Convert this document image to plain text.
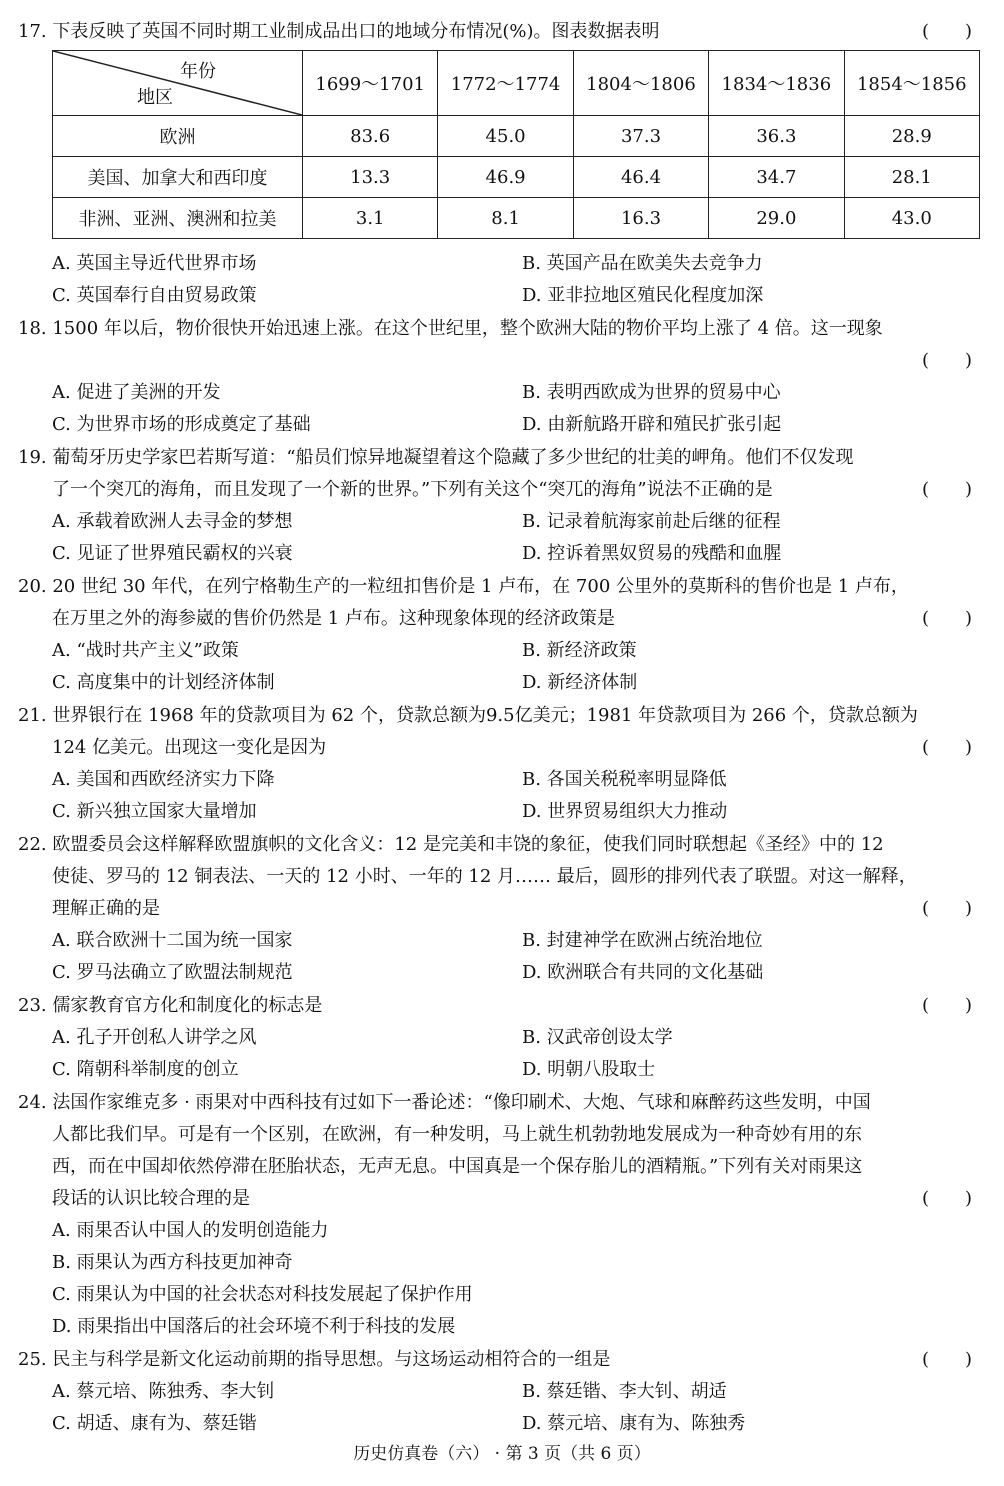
17. 下表反映了英国不同时期工业制成品出口的地域分布情况(%)。图表数据表明	(　　)
年份
地区	1699～1701	1772～1774	1804～1806	1834～1836	1854～1856
欧洲	83.6	45.0	37.3	36.3	28.9
美国、加拿大和西印度	13.3	46.9	46.4	34.7	28.1
非洲、亚洲、澳洲和拉美	3.1	8.1	16.3	29.0	43.0
A. 英国主导近代世界市场	B. 英国产品在欧美失去竞争力
C. 英国奉行自由贸易政策	D. 亚非拉地区殖民化程度加深
18. 1500 年以后，物价很快开始迅速上涨。在这个世纪里，整个欧洲大陆的物价平均上涨了 4 倍。这一现象
(　　)
A. 促进了美洲的开发	B. 表明西欧成为世界的贸易中心
C. 为世界市场的形成奠定了基础	D. 由新航路开辟和殖民扩张引起
19. 葡萄牙历史学家巴若斯写道：“船员们惊异地凝望着这个隐藏了多少世纪的壮美的岬角。他们不仅发现
了一个突兀的海角，而且发现了一个新的世界。”下列有关这个“突兀的海角”说法不正确的是	(　　)
A. 承载着欧洲人去寻金的梦想	B. 记录着航海家前赴后继的征程
C. 见证了世界殖民霸权的兴衰	D. 控诉着黑奴贸易的残酷和血腥
20. 20 世纪 30 年代，在列宁格勒生产的一粒纽扣售价是 1 卢布，在 700 公里外的莫斯科的售价也是 1 卢布，
在万里之外的海参崴的售价仍然是 1 卢布。这种现象体现的经济政策是	(　　)
A. “战时共产主义”政策	B. 新经济政策
C. 高度集中的计划经济体制	D. 新经济体制
21. 世界银行在 1968 年的贷款项目为 62 个，贷款总额为9.5亿美元；1981 年贷款项目为 266 个，贷款总额为
124 亿美元。出现这一变化是因为	(　　)
A. 美国和西欧经济实力下降	B. 各国关税税率明显降低
C. 新兴独立国家大量增加	D. 世界贸易组织大力推动
22. 欧盟委员会这样解释欧盟旗帜的文化含义：12 是完美和丰饶的象征，使我们同时联想起《圣经》中的 12
使徒、罗马的 12 铜表法、一天的 12 小时、一年的 12 月…… 最后，圆形的排列代表了联盟。对这一解释，
理解正确的是	(　　)
A. 联合欧洲十二国为统一国家	B. 封建神学在欧洲占统治地位
C. 罗马法确立了欧盟法制规范	D. 欧洲联合有共同的文化基础
23. 儒家教育官方化和制度化的标志是	(　　)
A. 孔子开创私人讲学之风	B. 汉武帝创设太学
C. 隋朝科举制度的创立	D. 明朝八股取士
24. 法国作家维克多 · 雨果对中西科技有过如下一番论述：“像印刷术、大炮、气球和麻醉药这些发明，中国
人都比我们早。可是有一个区别，在欧洲，有一种发明，马上就生机勃勃地发展成为一种奇妙有用的东
西，而在中国却依然停滞在胚胎状态，无声无息。中国真是一个保存胎儿的酒精瓶。”下列有关对雨果这
段话的认识比较合理的是	(　　)
A. 雨果否认中国人的发明创造能力
B. 雨果认为西方科技更加神奇
C. 雨果认为中国的社会状态对科技发展起了保护作用
D. 雨果指出中国落后的社会环境不利于科技的发展
25. 民主与科学是新文化运动前期的指导思想。与这场运动相符合的一组是	(　　)
A. 蔡元培、陈独秀、李大钊	B. 蔡廷锴、李大钊、胡适
C. 胡适、康有为、蔡廷锴	D. 蔡元培、康有为、陈独秀
历史仿真卷（六） · 第 3 页（共 6 页）
